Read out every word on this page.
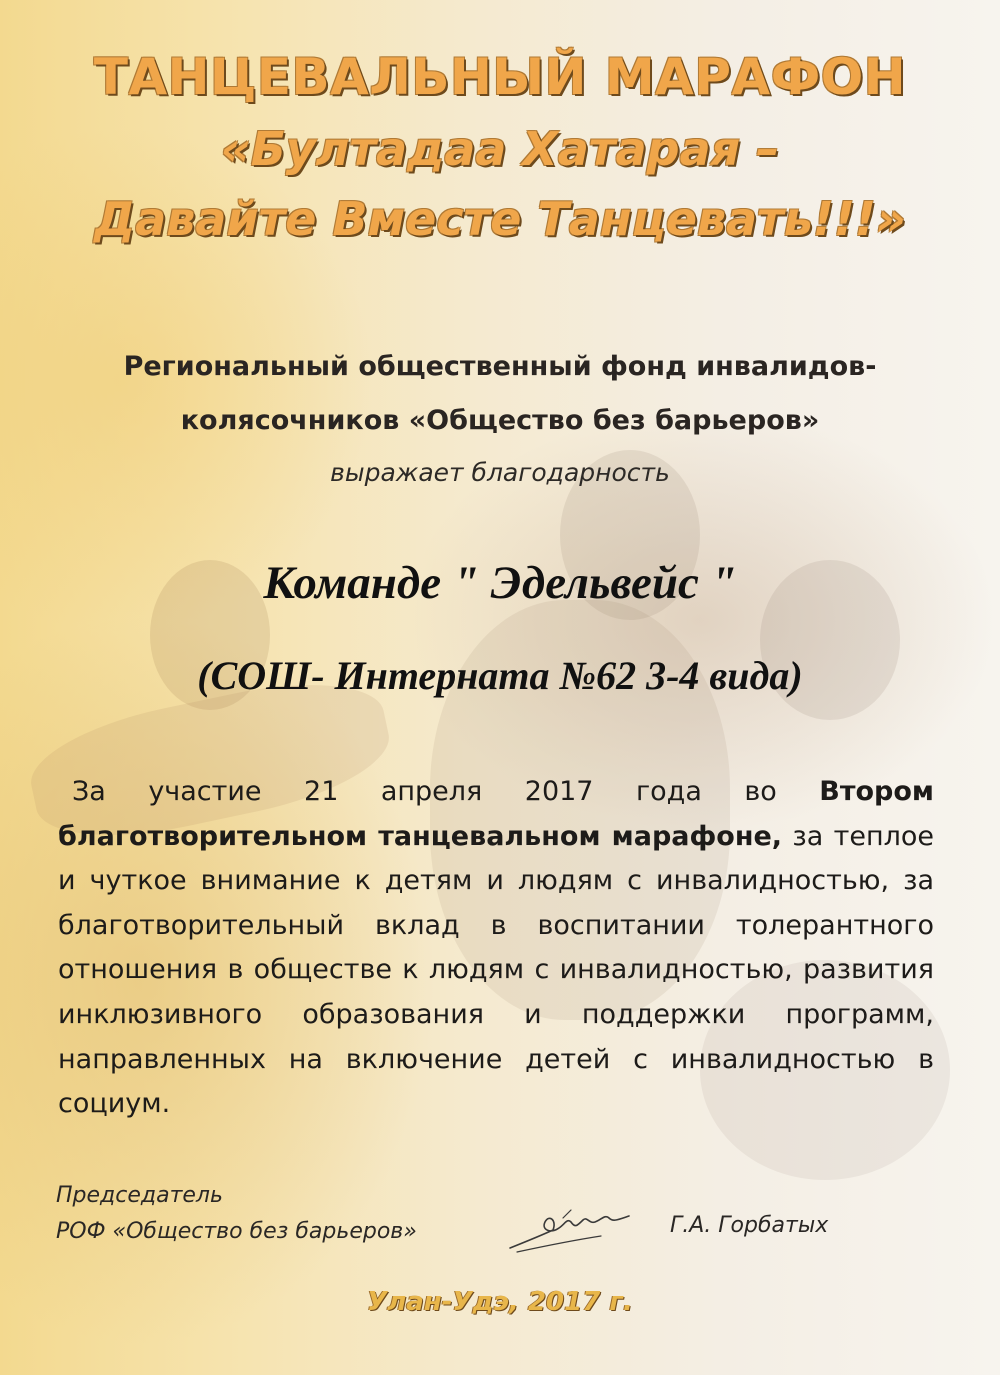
ТАНЦЕВАЛЬНЫЙ МАРАФОН
«Бултадаа Хатарая –
Давайте Вместе Танцевать!!!»
Региональный общественный фонд инвалидов-
колясочников «Общество без барьеров»
выражает благодарность
Команде " Эдельвейс "
(СОШ- Интерната №62 3-4 вида)
За участие 21 апреля 2017 года во Втором благотворительном танцевальном марафоне, за теплое и чуткое внимание к детям и людям с инвалидностью, за благотворительный вклад в воспитании толерантного отношения в обществе к людям с инвалидностью, развития инклюзивного образования и поддержки программ, направленных на включение детей с инвалидностью в социум.
Председатель
РОФ «Общество без барьеров»	Г.А. Горбатых
Улан-Удэ, 2017 г.
